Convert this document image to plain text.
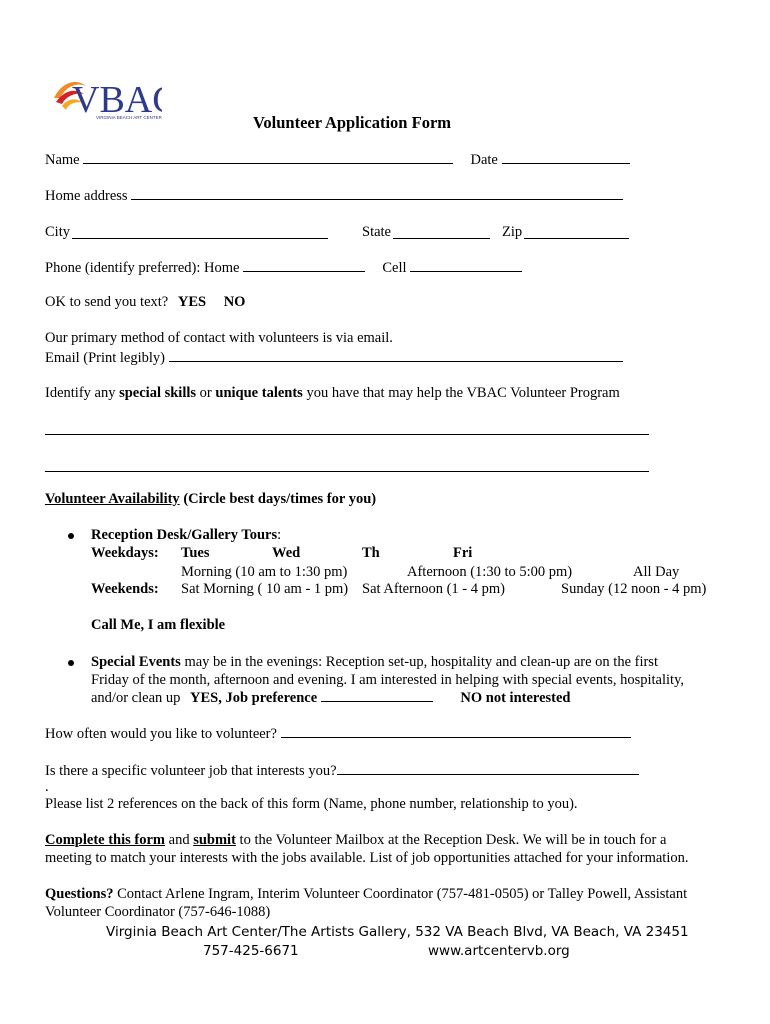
VBA
VIRGINIA BEACH ART CENTER	Volunteer Application Form
Name	Date
Home address
City	State	Zip
Phone (identify preferred): Home	Cell
OK to send you text? YES NO
Our primary method of contact with volunteers is via email.
Email (Print legibly)
Identify any special skills or unique talents you have that may help the VBAC Volunteer Program
Volunteer Availability (Circle best days/times for you)
Reception Desk/Gallery Tours:
Weekdays: Tues	Wed	Th	Fri
Morning (10 am to 1:30 pm)	Afternoon (1:30 to 5:00 pm)	All Day
Weekends: Sat Morning ( 10 am - 1 pm) Sat Afternoon (1 - 4 pm)	Sunday (12 noon - 4 pm)
Call Me, I am flexible
Special Events may be in the evenings: Reception set-up, hospitality and clean-up are on the first
Friday of the month, afternoon and evening. I am interested in helping with special events, hospitality,
and/or clean up YES, Job preference	NO not interested
How often would you like to volunteer?
Is there a specific volunteer job that interests you?
.
Please list 2 references on the back of this form (Name, phone number, relationship to you).
Complete this form and submit to the Volunteer Mailbox at the Reception Desk. We will be in touch for a
meeting to match your interests with the jobs available. List of job opportunities attached for your information.
Questions? Contact Arlene Ingram, Interim Volunteer Coordinator (757-481-0505) or Talley Powell, Assistant
Volunteer Coordinator (757-646-1088)
Virginia Beach Art Center/The Artists Gallery, 532 VA Beach Blvd, VA Beach, VA 23451
757-425-6671	www.artcentervb.org
